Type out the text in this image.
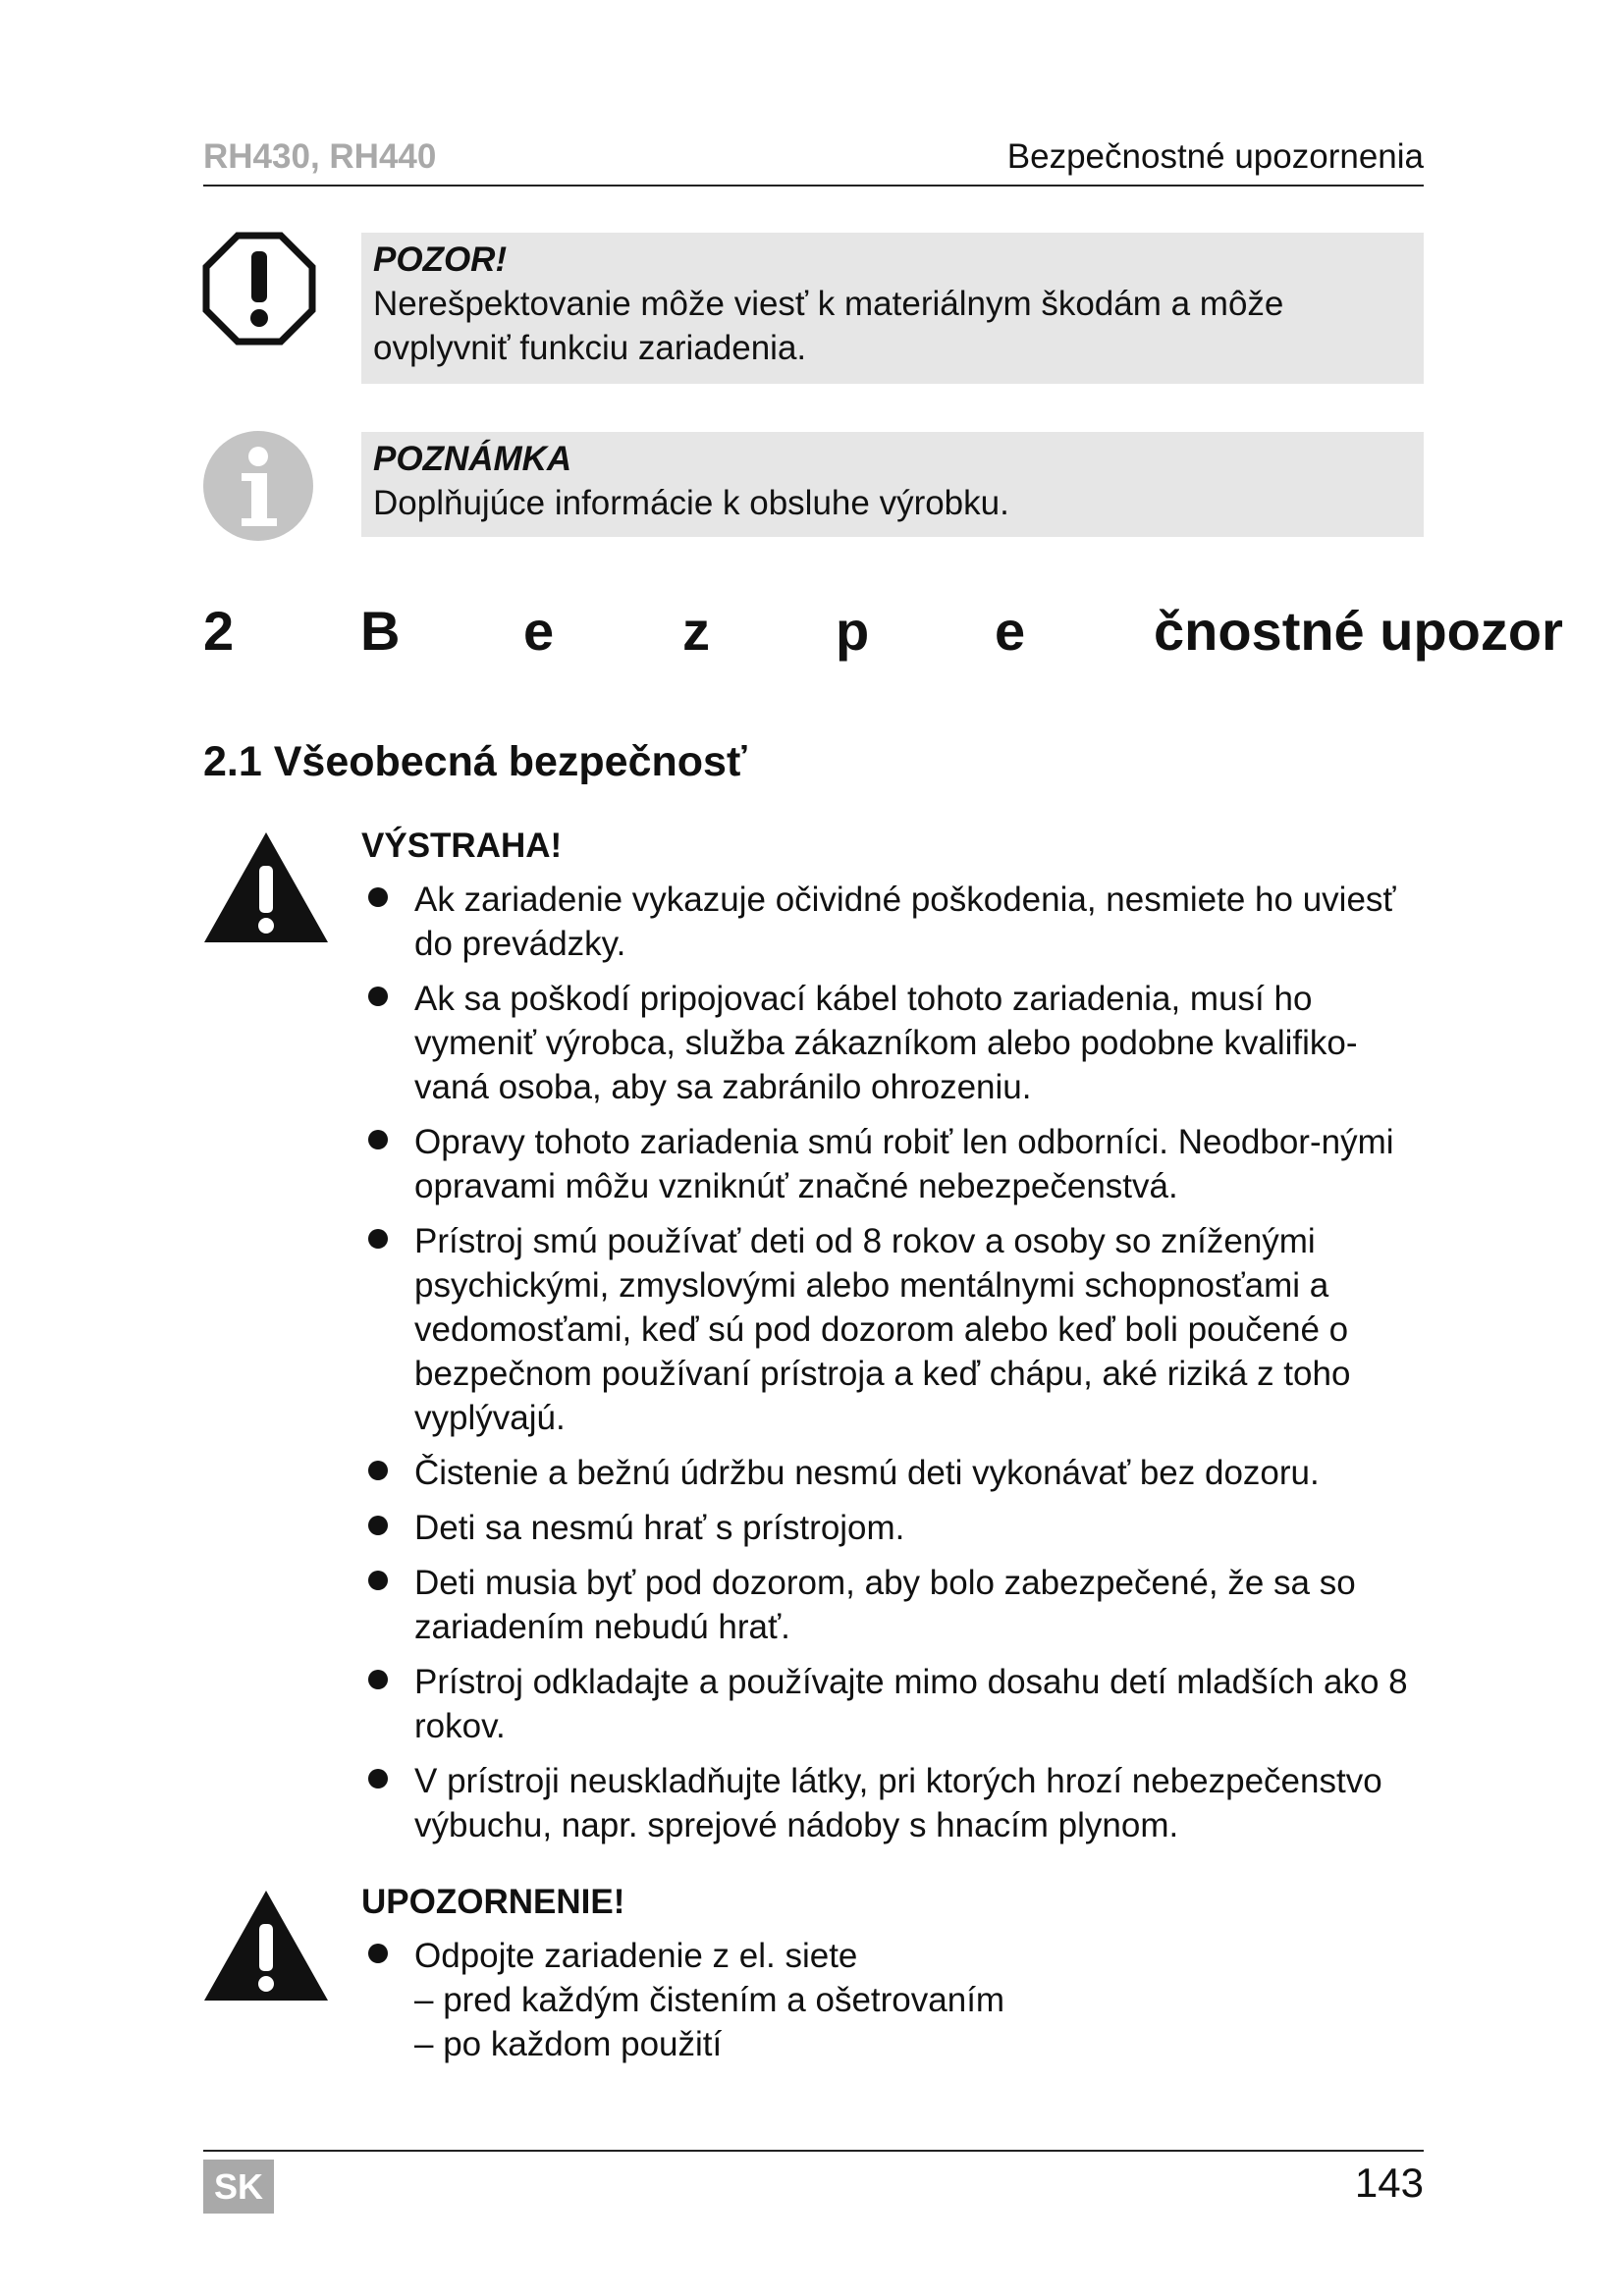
RH430, RH440	Bezpečnostné upozornenia
POZOR!
Nerešpektovanie môže viesť k materiálnym škodám a môže ovplyvniť funkciu zariadenia.
POZNÁMKA
Doplňujúce informácie k obsluhe výrobku.
2 B e z p e čnostné upozor
2.1 Všeobecná bezpečnosť
VÝSTRAHA!
Ak zariadenie vykazuje očividné poškodenia, nesmiete ho uviesť do prevádzky.
Ak sa poškodí pripojovací kábel tohoto zariadenia, musí ho vymeniť výrobca, služba zákazníkom alebo podobne kvalifiko-vaná osoba, aby sa zabránilo ohrozeniu.
Opravy tohoto zariadenia smú robiť len odborníci. Neodbor-nými opravami môžu vzniknúť značné nebezpečenstvá.
Prístroj smú používať deti od 8 rokov a osoby so zníženými psychickými, zmyslovými alebo mentálnymi schopnosťami a vedomosťami, keď sú pod dozorom alebo keď boli poučené o bezpečnom používaní prístroja a keď chápu, aké riziká z toho vyplývajú.
Čistenie a bežnú údržbu nesmú deti vykonávať bez dozoru.
Deti sa nesmú hrať s prístrojom.
Deti musia byť pod dozorom, aby bolo zabezpečené, že sa so zariadením nebudú hrať.
Prístroj odkladajte a používajte mimo dosahu detí mladších ako 8 rokov.
V prístroji neuskladňujte látky, pri ktorých hrozí nebezpečenstvo výbuchu, napr. sprejové nádoby s hnacím plynom.
UPOZORNENIE!
Odpojte zariadenie z el. siete
– pred každým čistením a ošetrovaním
– po každom použití
SK	143
